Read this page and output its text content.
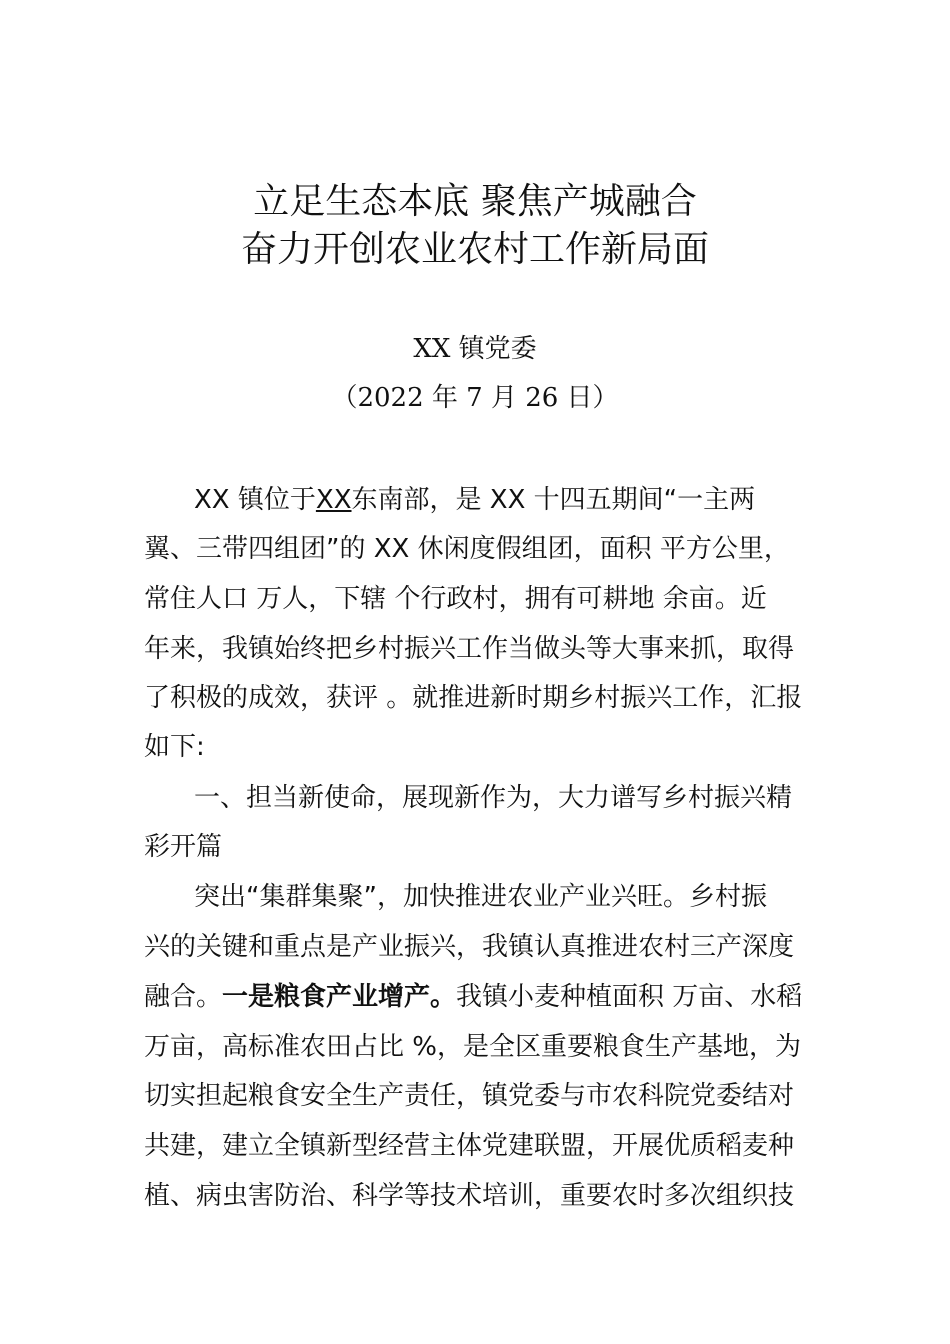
立足生态本底 聚焦产城融合
奋力开创农业农村工作新局面
XX 镇党委
（2022 年 7 月 26 日）
XX 镇位于XX东南部，是 XX 十四五期间“一主两
翼、三带四组团”的 XX 休闲度假组团，面积 平方公里，
常住人口 万人，下辖 个行政村，拥有可耕地 余亩。近
年来，我镇始终把乡村振兴工作当做头等大事来抓，取得
了积极的成效，获评 。就推进新时期乡村振兴工作，汇报
如下:
一、担当新使命，展现新作为，大力谱写乡村振兴精
彩开篇
突出“集群集聚”，加快推进农业产业兴旺。乡村振
兴的关键和重点是产业振兴，我镇认真推进农村三产深度
融合。一是粮食产业增产。我镇小麦种植面积 万亩、水稻
万亩，高标准农田占比 %，是全区重要粮食生产基地，为
切实担起粮食安全生产责任，镇党委与市农科院党委结对
共建，建立全镇新型经营主体党建联盟，开展优质稻麦种
植、病虫害防治、科学等技术培训，重要农时多次组织技
